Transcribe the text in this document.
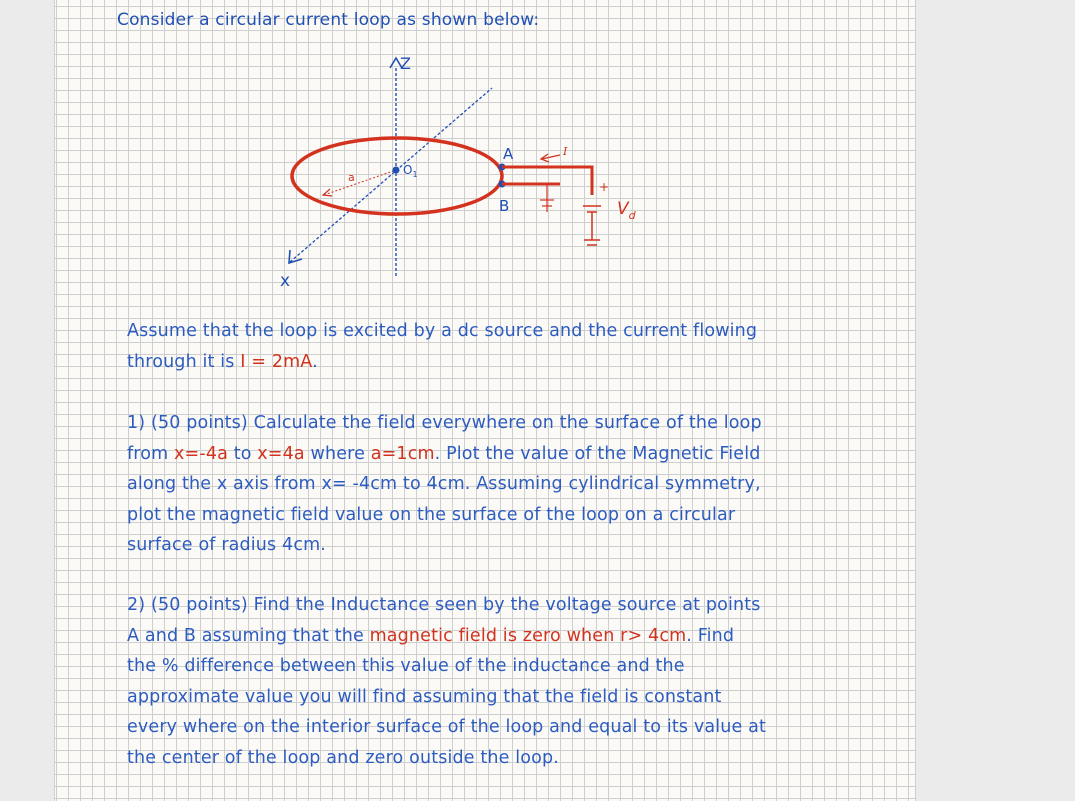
Consider a circular current loop as shown below:
Z
x
a
$O_1$
A
B
I
+
$V_d$
Assume that the loop is excited by a dc source and the current flowing through it is I = 2mA.
1) (50 points) Calculate the field everywhere on the surface of the loop from x=-4a to x=4a where a=1cm. Plot the value of the Magnetic Field along the x axis from x= -4cm to 4cm. Assuming cylindrical symmetry, plot the magnetic field value on the surface of the loop on a circular surface of radius 4cm.
2) (50 points) Find the Inductance seen by the voltage source at points A and B assuming that the magnetic field is zero when r> 4cm. Find the % difference between this value of the inductance and the approximate value you will find assuming that the field is constant every where on the interior surface of the loop and equal to its value at the center of the loop and zero outside the loop.
